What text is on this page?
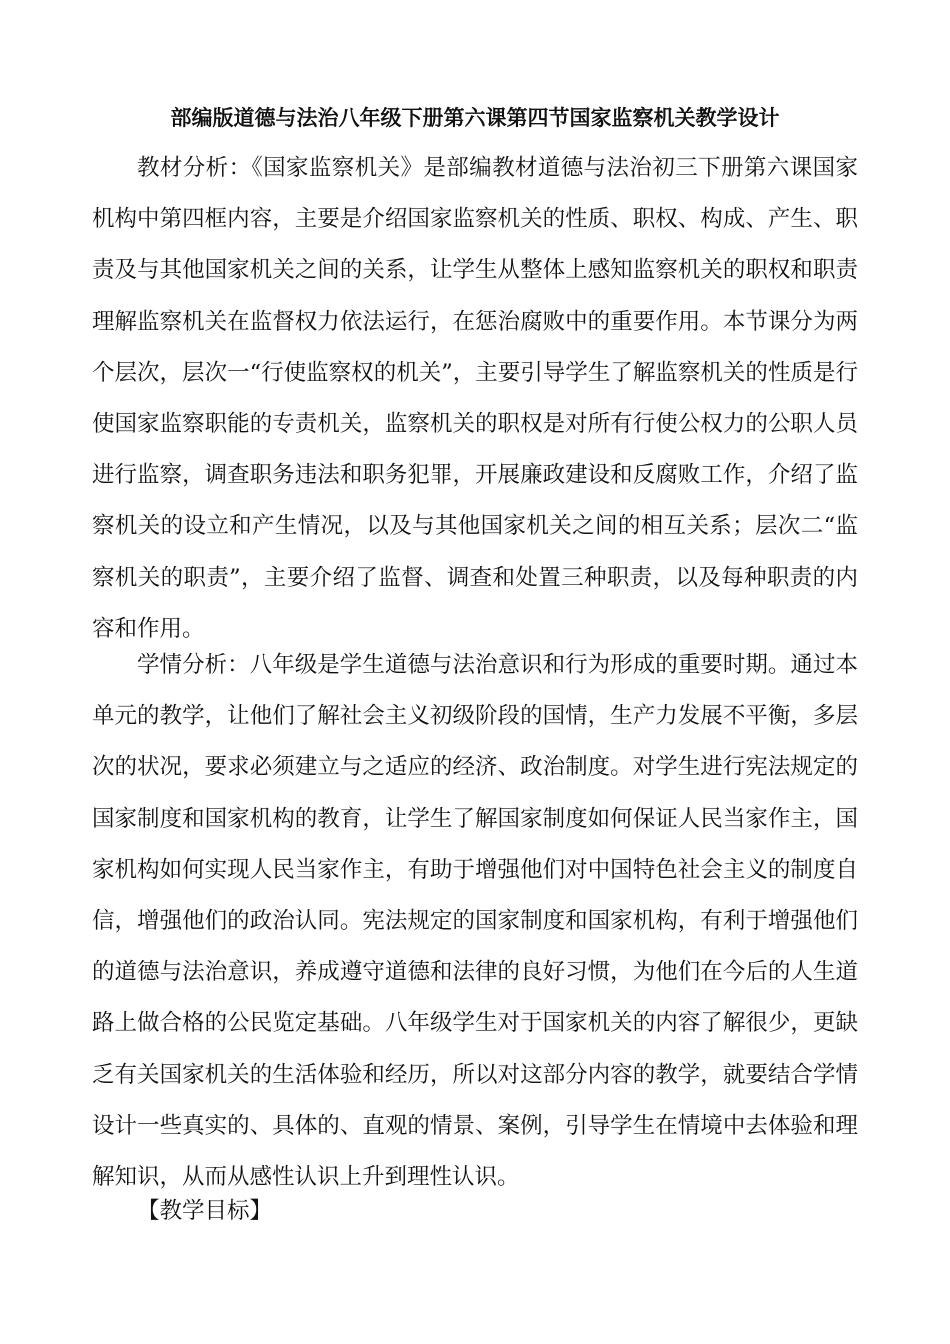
部编版道德与法治八年级下册第六课第四节国家监察机关教学设计

教材分析：《国家监察机关》是部编教材道德与法治初三下册第六课国家机构中第四框内容，主要是介绍国家监察机关的性质、职权、构成、产生、职责及与其他国家机关之间的关系，让学生从整体上感知监察机关的职权和职责理解监察机关在监督权力依法运行，在惩治腐败中的重要作用。本节课分为两个层次，层次一“行使监察权的机关”，主要引导学生了解监察机关的性质是行使国家监察职能的专责机关，监察机关的职权是对所有行使公权力的公职人员进行监察，调查职务违法和职务犯罪，开展廉政建设和反腐败工作，介绍了监察机关的设立和产生情况，以及与其他国家机关之间的相互关系；层次二“监察机关的职责”，主要介绍了监督、调查和处置三种职责，以及每种职责的内容和作用。

学情分析：八年级是学生道德与法治意识和行为形成的重要时期。通过本单元的教学，让他们了解社会主义初级阶段的国情，生产力发展不平衡，多层次的状况，要求必须建立与之适应的经济、政治制度。对学生进行宪法规定的国家制度和国家机构的教育，让学生了解国家制度如何保证人民当家作主，国家机构如何实现人民当家作主，有助于增强他们对中国特色社会主义的制度自信，增强他们的政治认同。宪法规定的国家制度和国家机构，有利于增强他们的道德与法治意识，养成遵守道德和法律的良好习惯，为他们在今后的人生道路上做合格的公民览定基础。八年级学生对于国家机关的内容了解很少，更缺乏有关国家机关的生活体验和经历，所以对这部分内容的教学，就要结合学情设计一些真实的、具体的、直观的情景、案例，引导学生在情境中去体验和理解知识，从而从感性认识上升到理性认识。

【教学目标】
